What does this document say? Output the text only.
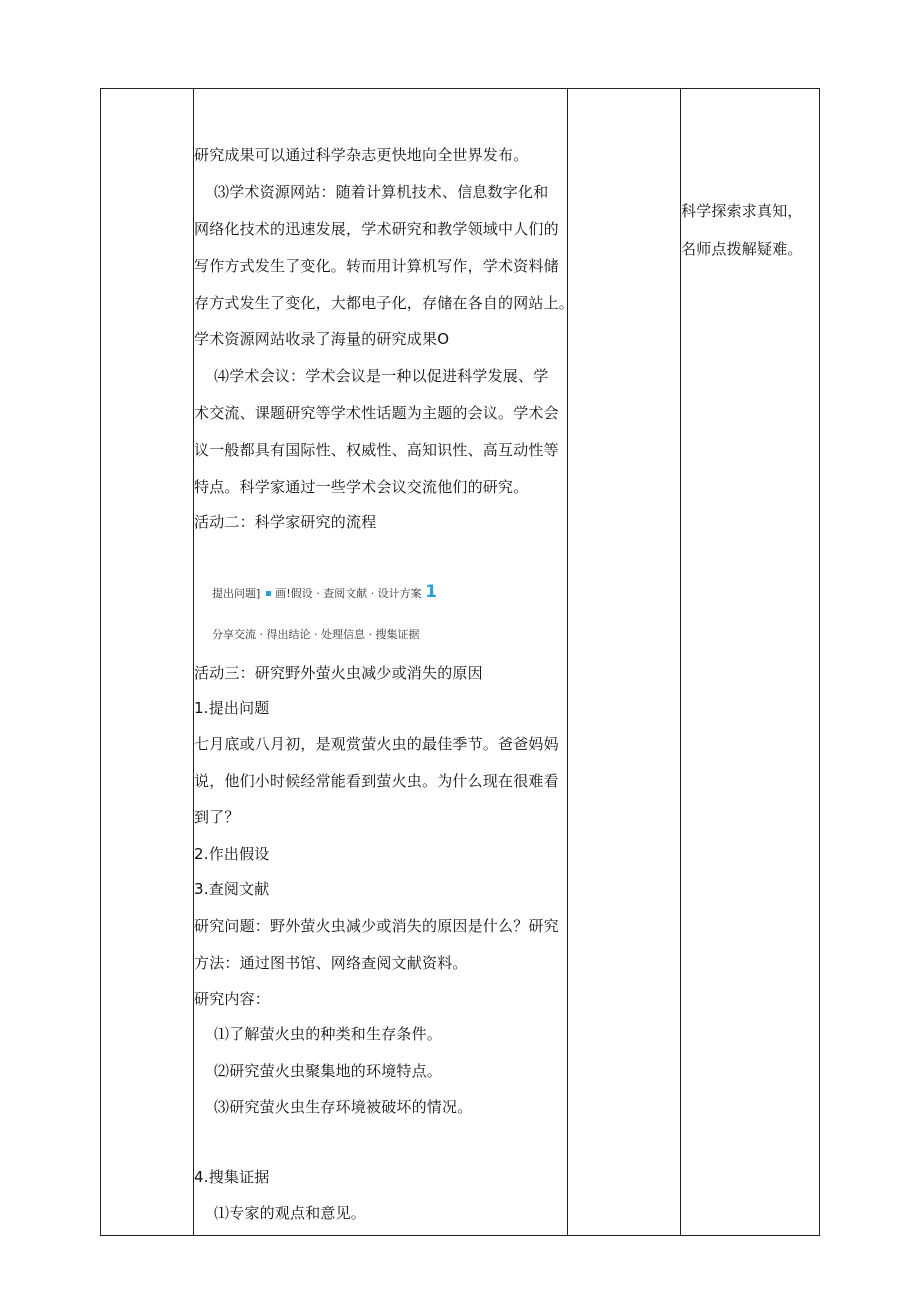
研究成果可以通过科学杂志更快地向全世界发布。
⑶学术资源网站：随着计算机技术、信息数字化和
网络化技术的迅速发展，学术研究和教学领域中人们的
写作方式发生了变化。转而用计算机写作，学术资料储
存方式发生了变化，大都电子化，存储在各自的网站上。
学术资源网站收录了海量的研究成果O
⑷学术会议：学术会议是一种以促进科学发展、学
术交流、课题研究等学术性话题为主题的会议。学术会
议一般都具有国际性、权威性、高知识性、高互动性等
特点。科学家通过一些学术会议交流他们的研究。
活动二：科学家研究的流程
提出问题] 画!假设 · 查阅文献 · 设计方案 1
分享交流 · 得出结论 · 处理信息 · 搜集证据
活动三：研究野外萤火虫减少或消失的原因
1.提出问题
七月底或八月初，是观赏萤火虫的最佳季节。爸爸妈妈
说，他们小时候经常能看到萤火虫。为什么现在很难看
到了？
2.作出假设
3.查阅文献
研究问题：野外萤火虫减少或消失的原因是什么？研究
方法：通过图书馆、网络查阅文献资料。
研究内容：
⑴了解萤火虫的种类和生存条件。
⑵研究萤火虫聚集地的环境特点。
⑶研究萤火虫生存环境被破坏的情况。
4.搜集证据
⑴专家的观点和意见。
科学探索求真知，
名师点拨解疑难。
